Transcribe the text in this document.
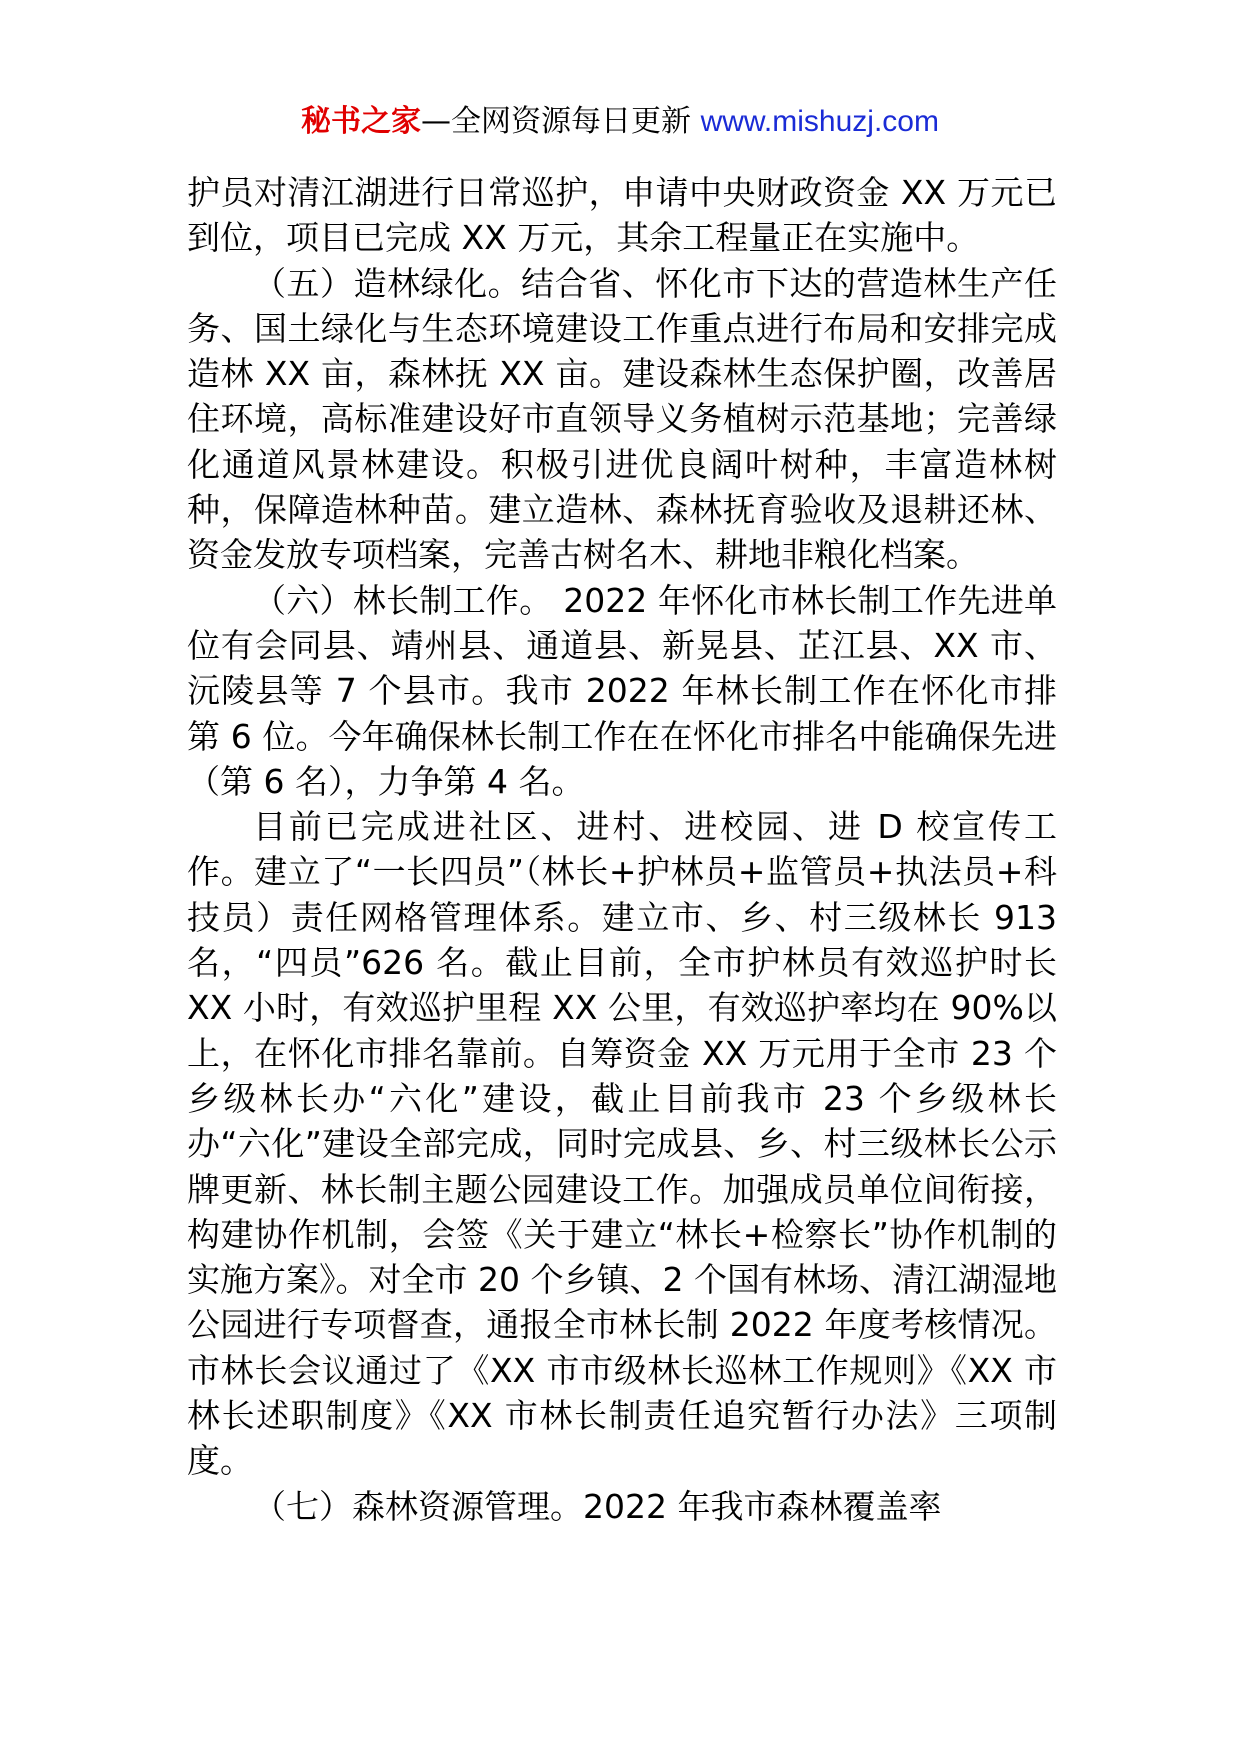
秘书之家—全网资源每日更新 www.mishuzj.com

护员对清江湖进行日常巡护，申请中央财政资金 XX 万元已到位，项目已完成 XX 万元，其余工程量正在实施中。

（五）造林绿化。结合省、怀化市下达的营造林生产任务、国土绿化与生态环境建设工作重点进行布局和安排完成造林 XX 亩，森林抚 XX 亩。建设森林生态保护圈，改善居住环境，高标准建设好市直领导义务植树示范基地；完善绿化通道风景林建设。积极引进优良阔叶树种，丰富造林树种，保障造林种苗。建立造林、森林抚育验收及退耕还林、资金发放专项档案，完善古树名木、耕地非粮化档案。

（六）林长制工作。 2022 年怀化市林长制工作先进单位有会同县、靖州县、通道县、新晃县、芷江县、XX 市、沅陵县等 7 个县市。我市 2022 年林长制工作在怀化市排第 6 位。今年确保林长制工作在在怀化市排名中能确保先进（第 6 名），力争第 4 名。

目前已完成进社区、进村、进校园、进 D 校宣传工作。建立了“一长四员”（林长+护林员+监管员+执法员+科技员）责任网格管理体系。建立市、乡、村三级林长 913 名，“四员”626 名。截止目前，全市护林员有效巡护时长 XX 小时，有效巡护里程 XX 公里，有效巡护率均在 90%以上，在怀化市排名靠前。自筹资金 XX 万元用于全市 23 个乡级林长办“六化”建设，截止目前我市 23 个乡级林长办“六化”建设全部完成，同时完成县、乡、村三级林长公示牌更新、林长制主题公园建设工作。加强成员单位间衔接，构建协作机制，会签《关于建立“林长+检察长”协作机制的实施方案》。对全市 20 个乡镇、2 个国有林场、清江湖湿地公园进行专项督查，通报全市林长制 2022 年度考核情况。市林长会议通过了《XX 市市级林长巡林工作规则》《XX 市林长述职制度》《XX 市林长制责任追究暂行办法》三项制度。

（七）森林资源管理。2022 年我市森林覆盖率
